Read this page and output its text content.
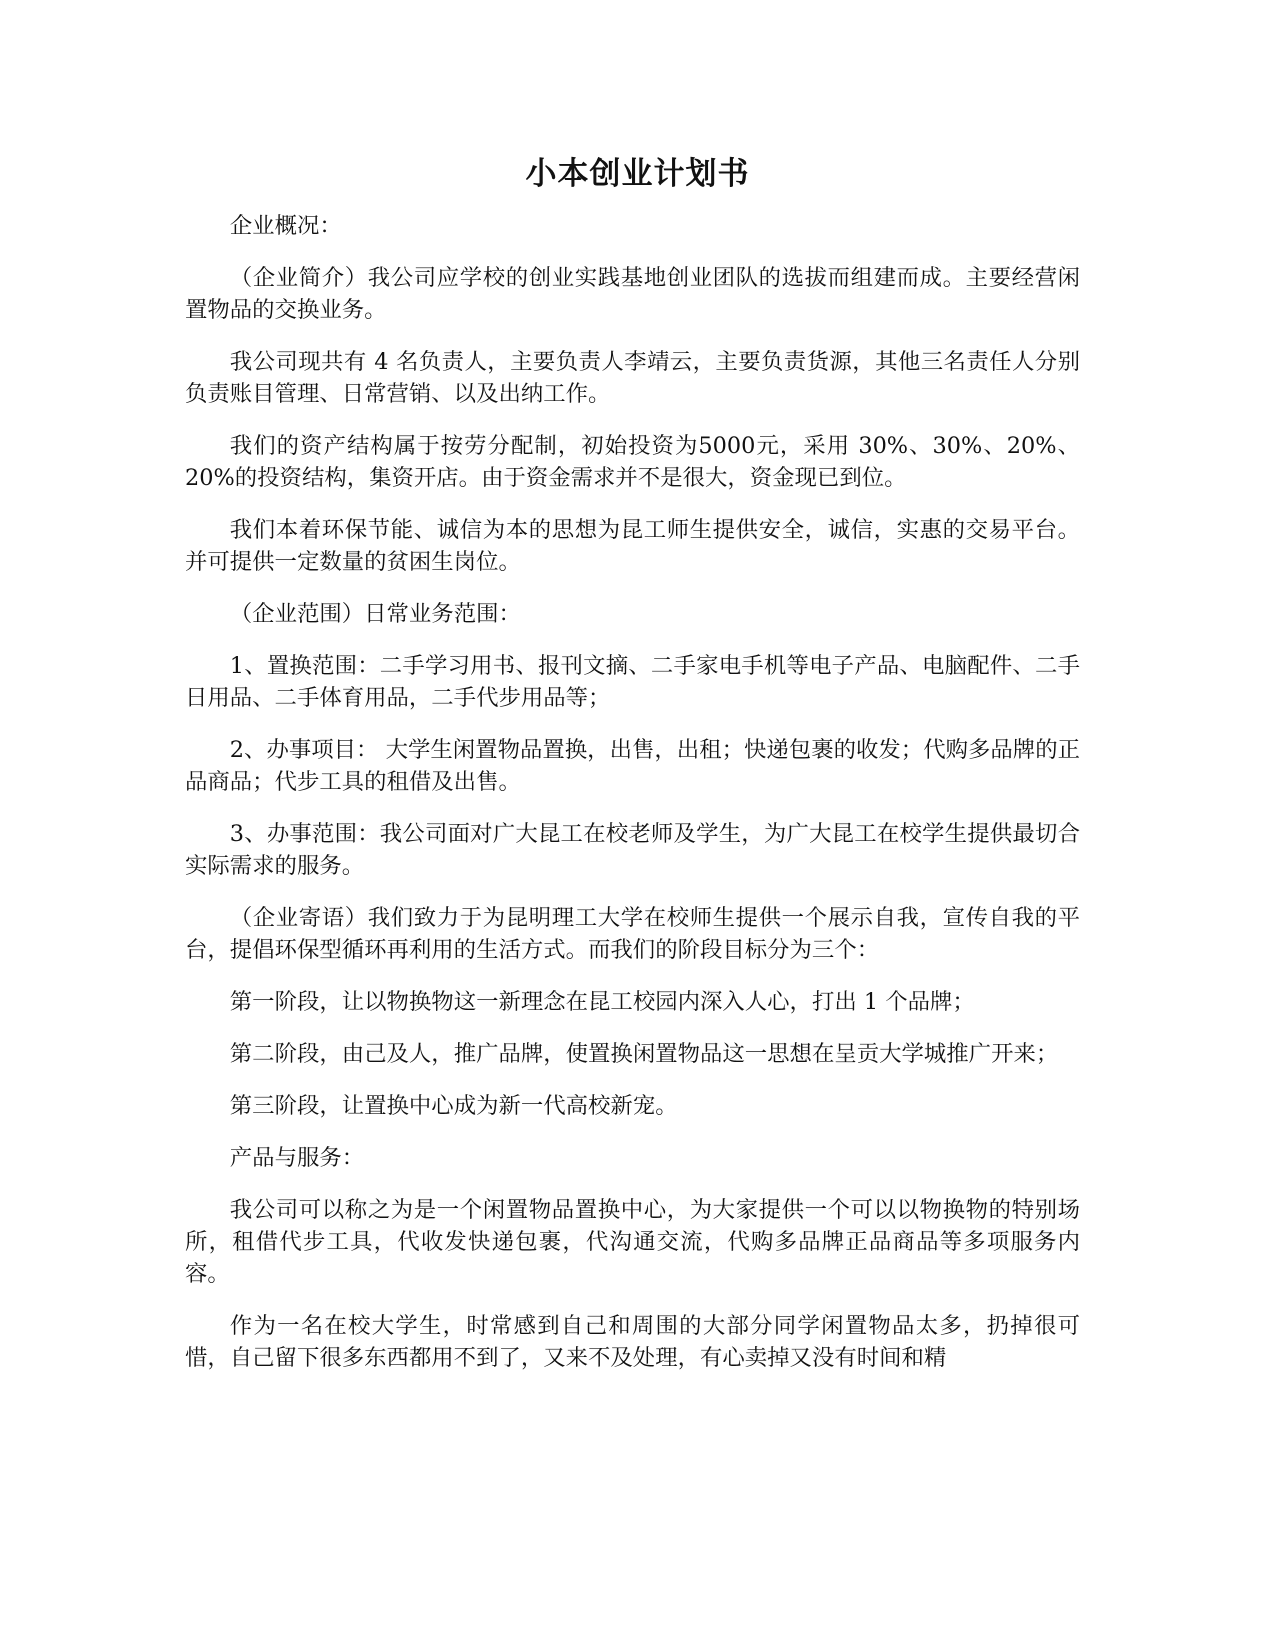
小本创业计划书

企业概况：

（企业简介）我公司应学校的创业实践基地创业团队的选拔而组建而成。主要经营闲置物品的交换业务。

我公司现共有 4 名负责人，主要负责人李靖云，主要负责货源，其他三名责任人分别负责账目管理、日常营销、以及出纳工作。

我们的资产结构属于按劳分配制，初始投资为5000元，采用 30%、30%、20%、20%的投资结构，集资开店。由于资金需求并不是很大，资金现已到位。

我们本着环保节能、诚信为本的思想为昆工师生提供安全，诚信，实惠的交易平台。并可提供一定数量的贫困生岗位。

（企业范围）日常业务范围：

1、置换范围：二手学习用书、报刊文摘、二手家电手机等电子产品、电脑配件、二手日用品、二手体育用品，二手代步用品等；

2、办事项目： 大学生闲置物品置换，出售，出租；快递包裹的收发；代购多品牌的正品商品；代步工具的租借及出售。

3、办事范围：我公司面对广大昆工在校老师及学生，为广大昆工在校学生提供最切合实际需求的服务。

（企业寄语）我们致力于为昆明理工大学在校师生提供一个展示自我，宣传自我的平台，提倡环保型循环再利用的生活方式。而我们的阶段目标分为三个：

第一阶段，让以物换物这一新理念在昆工校园内深入人心，打出 1 个品牌；

第二阶段，由己及人，推广品牌，使置换闲置物品这一思想在呈贡大学城推广开来；

第三阶段，让置换中心成为新一代高校新宠。

产品与服务：

我公司可以称之为是一个闲置物品置换中心，为大家提供一个可以以物换物的特别场所，租借代步工具，代收发快递包裹，代沟通交流，代购多品牌正品商品等多项服务内容。

作为一名在校大学生，时常感到自己和周围的大部分同学闲置物品太多，扔掉很可惜，自己留下很多东西都用不到了，又来不及处理，有心卖掉又没有时间和精
